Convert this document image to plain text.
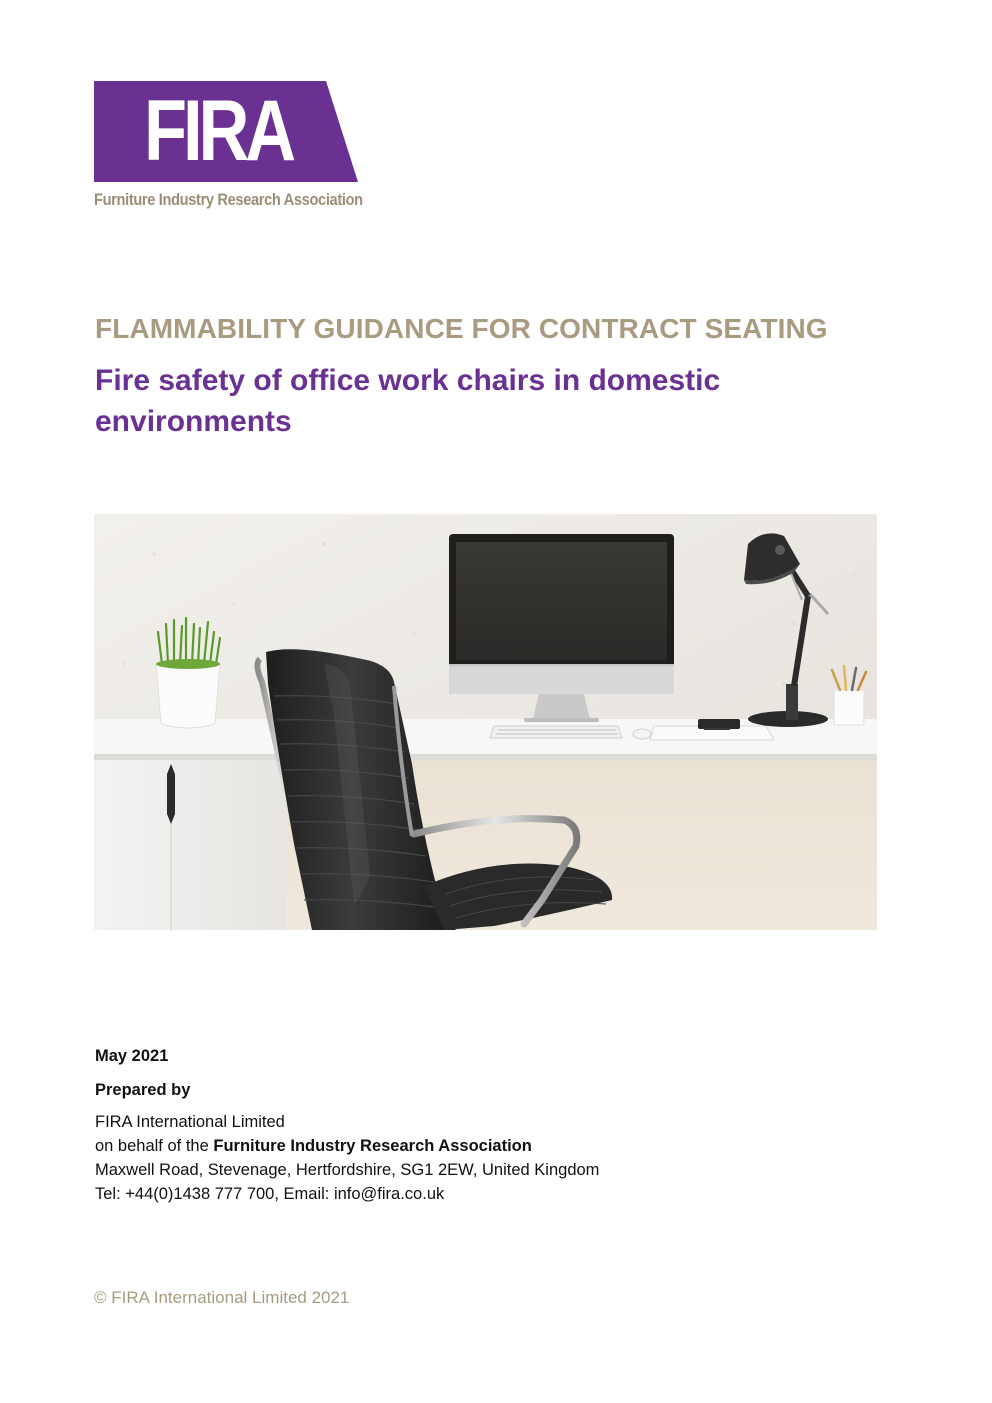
FIRA
Furniture Industry Research Association
FLAMMABILITY GUIDANCE FOR CONTRACT SEATING
Fire safety of office work chairs in domestic environments
May 2021
Prepared by
FIRA International Limited
on behalf of the Furniture Industry Research Association
Maxwell Road, Stevenage, Hertfordshire, SG1 2EW, United Kingdom
Tel: +44(0)1438 777 700, Email: info@fira.co.uk
© FIRA International Limited 2021
